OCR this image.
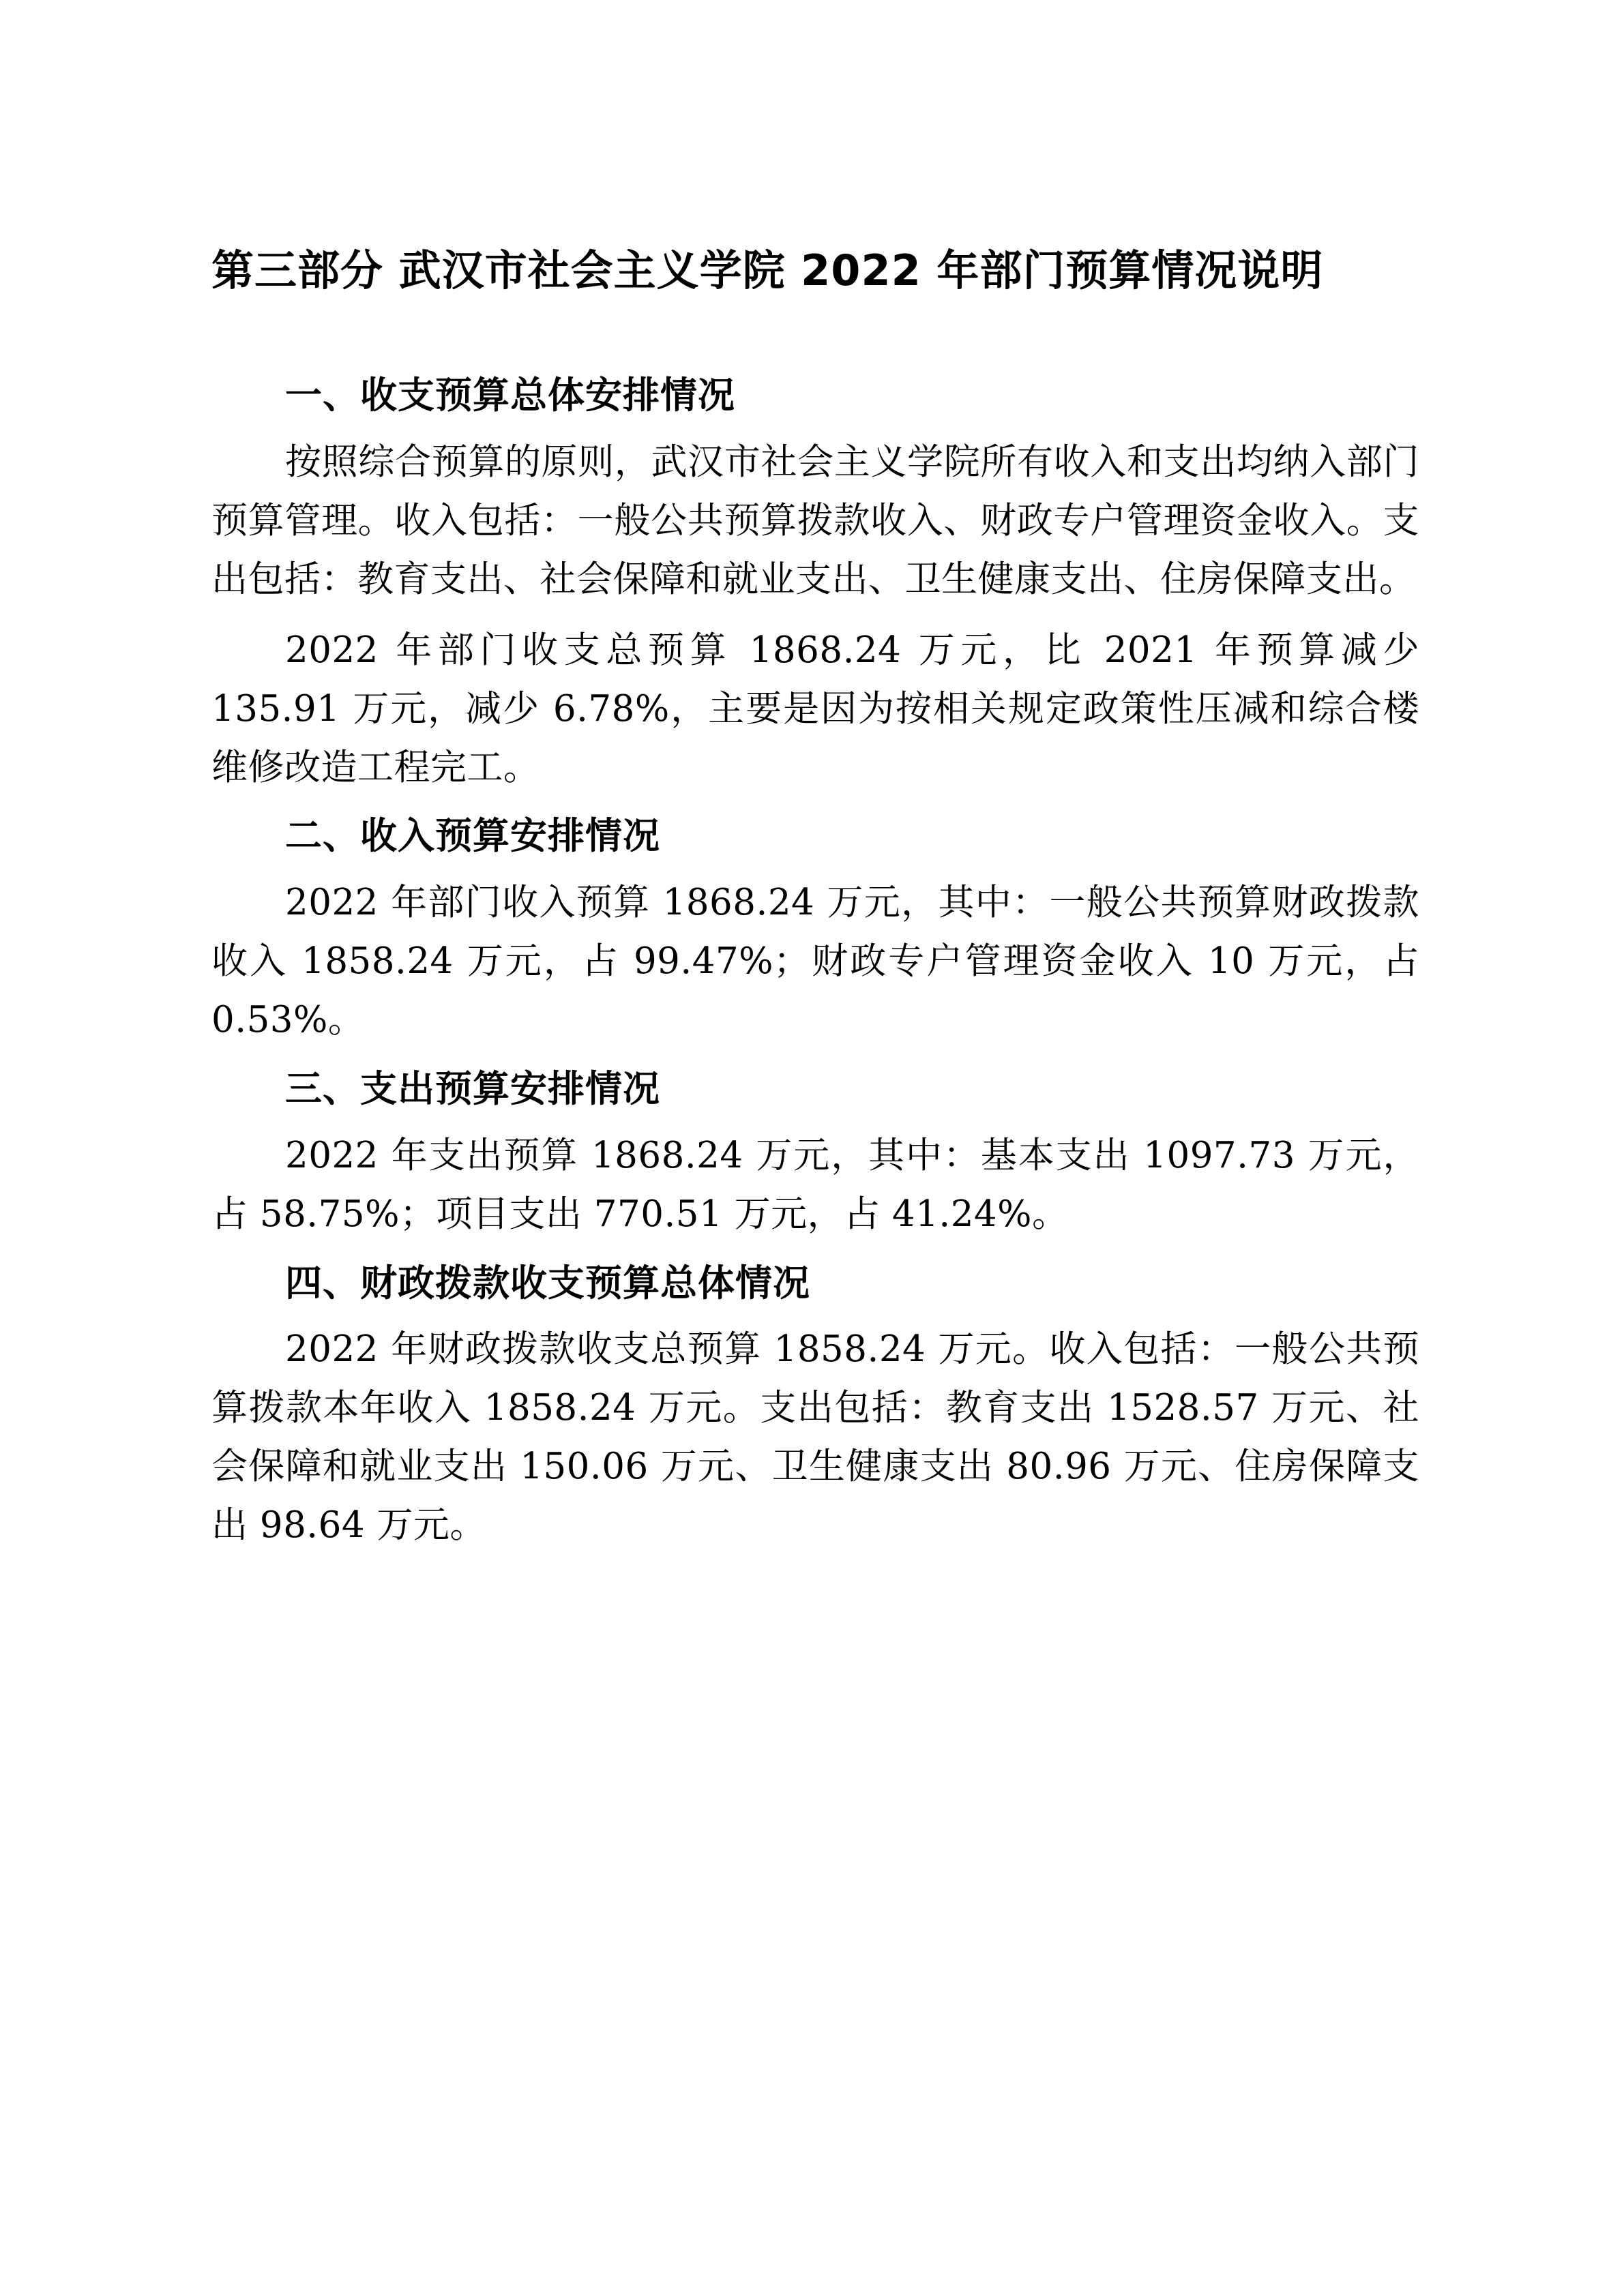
第三部分 武汉市社会主义学院 2022 年部门预算情况说明
一、收支预算总体安排情况

按照综合预算的原则，武汉市社会主义学院所有收入和支出均纳入部门预算管理。收入包括：一般公共预算拨款收入、财政专户管理资金收入。支出包括：教育支出、社会保障和就业支出、卫生健康支出、住房保障支出。

2022 年部门收支总预算 1868.24 万元，比 2021 年预算减少 135.91 万元，减少 6.78%，主要是因为按相关规定政策性压减和综合楼维修改造工程完工。

二、收入预算安排情况

2022 年部门收入预算 1868.24 万元，其中：一般公共预算财政拨款收入 1858.24 万元，占 99.47%；财政专户管理资金收入 10 万元，占 0.53%。

三、支出预算安排情况

2022 年支出预算 1868.24 万元，其中：基本支出 1097.73 万元，占 58.75%；项目支出 770.51 万元，占 41.24%。

四、财政拨款收支预算总体情况

2022 年财政拨款收支总预算 1858.24 万元。收入包括：一般公共预算拨款本年收入 1858.24 万元。支出包括：教育支出 1528.57 万元、社会保障和就业支出 150.06 万元、卫生健康支出 80.96 万元、住房保障支出 98.64 万元。
